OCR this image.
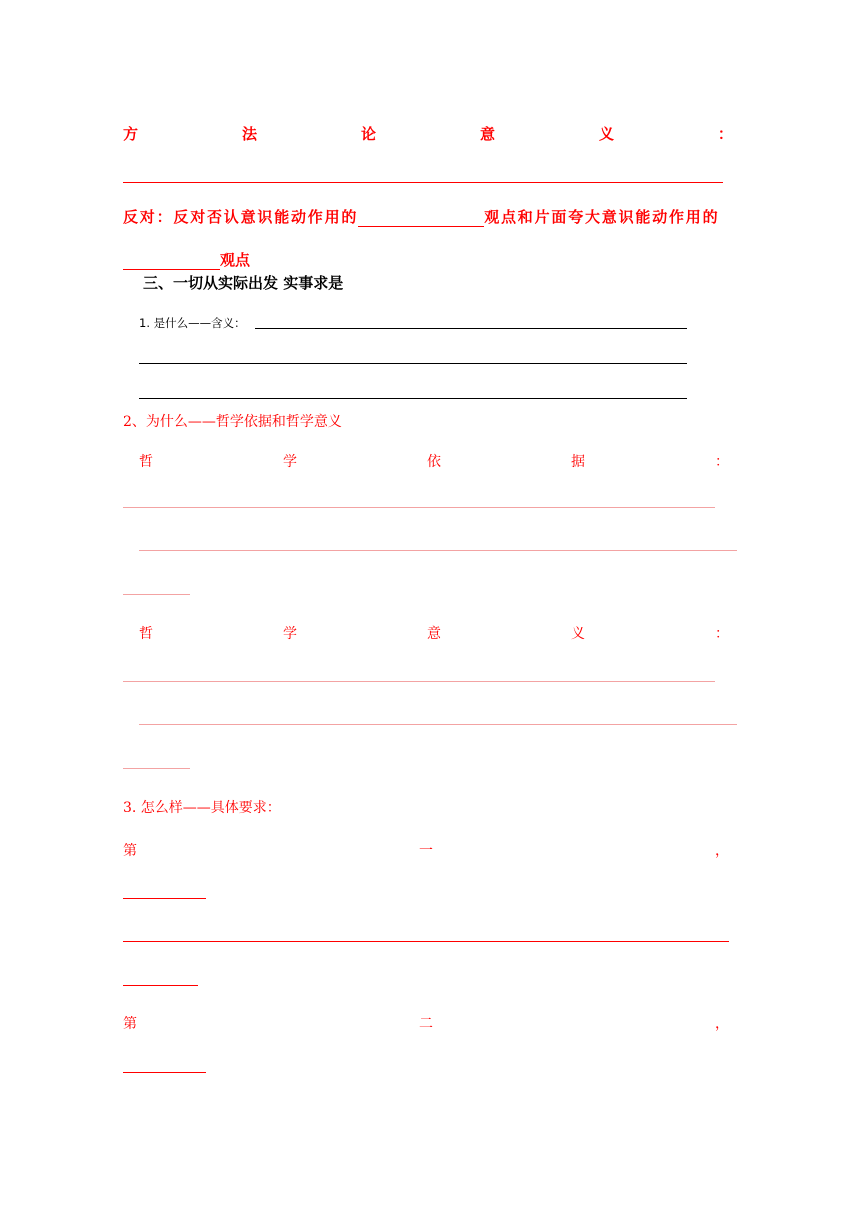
方	法	论	意	义	：
反对：反对否认意识能动作用的	观点和片面夸大意识能动作用的
观点
三、一切从实际出发 实事求是
1. 是什么——含义：
2、为什么——哲学依据和哲学意义
哲	学	依	据	：
哲	学	意	义	：
3. 怎么样——具体要求：
第	一	，
第	二	，
